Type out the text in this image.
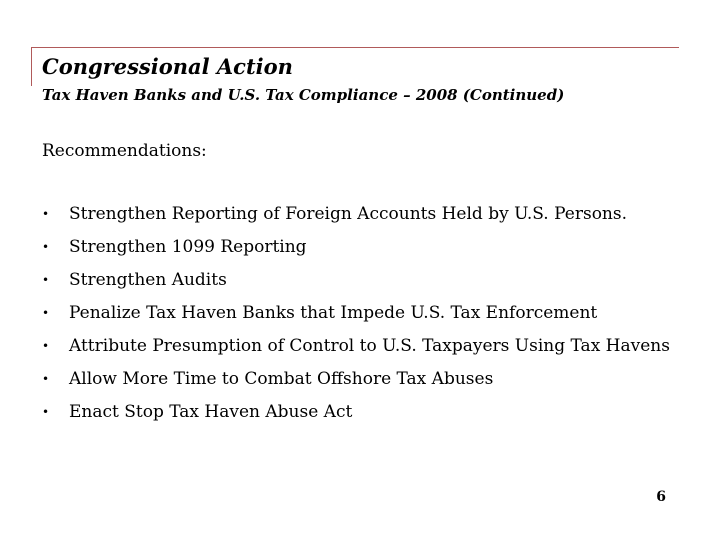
Congressional Action
Tax Haven Banks and U.S. Tax Compliance – 2008 (Continued)
Recommendations:
• Strengthen Reporting of Foreign Accounts Held by U.S. Persons.
• Strengthen 1099 Reporting
• Strengthen Audits
• Penalize Tax Haven Banks that Impede U.S. Tax Enforcement
• Attribute Presumption of Control to U.S. Taxpayers Using Tax Havens
• Allow More Time to Combat Offshore Tax Abuses
• Enact Stop Tax Haven Abuse Act
6
